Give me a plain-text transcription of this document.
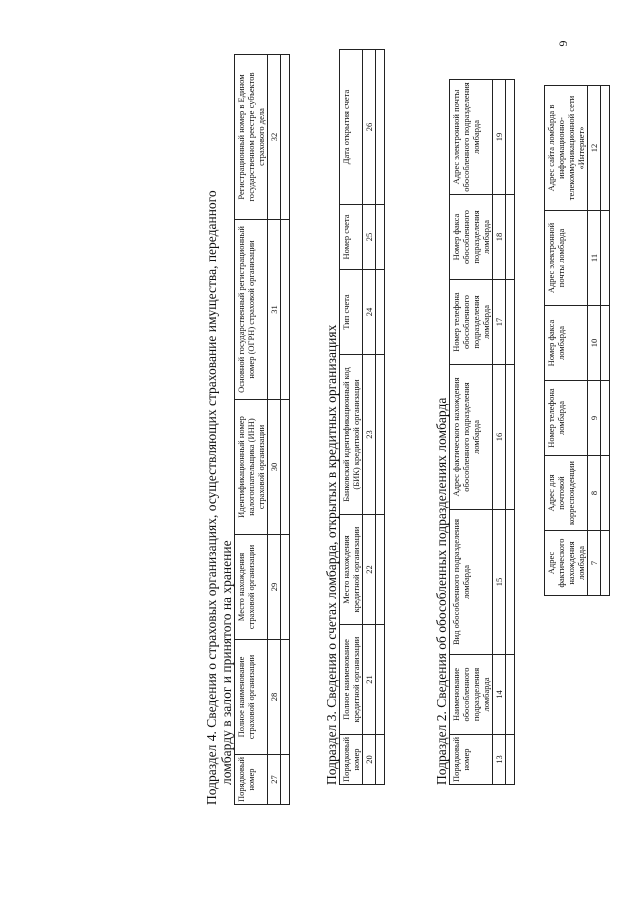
6
Адрес фактического нахождения ломбарда	Адрес для почтовой корреспонденции	Номер телефона ломбарда	Номер факса ломбарда	Адрес электронной почты ломбарда	Адрес сайта ломбарда в информационно-телекоммуникационной сети «Интернет»
7	8	9	10	11	12

Подраздел 2. Сведения об обособленных подразделениях ломбарда Порядковый номер	Наименование обособленного подразделения ломбарда	Вид обособленного подразделения ломбарда	Адрес фактического нахождения обособленного подразделения ломбарда	Номер телефона обособленного подразделения ломбарда	Номер факса обособленного подразделения ломбарда	Адрес электронной почты обособленного подразделения ломбарда
13	14	15	16	17	18	19

Подраздел 3. Сведения о счетах ломбарда, открытых в кредитных организациях Порядковый номер	Полное наименование кредитной организации	Место нахождения кредитной организации	Банковский идентификационный код (БИК) кредитной организации	Тип счета	Номер счета	Дата открытия счета
20	21	22	23	24	25	26

Подраздел 4. Сведения о страховых организациях, осуществляющих страхование имущества, переданного ломбарду в залог и принятого на хранение Порядковый номер	Полное наименование страховой организации	Место нахождения страховой организации	Идентификационный номер налогоплательщика (ИНН) страховой организации	Основной государственный регистрационный номер (ОГРН) страховой организации	Регистрационный номер в Едином государственном реестре субъектов страхового дела
27	28	29	30	31	32
